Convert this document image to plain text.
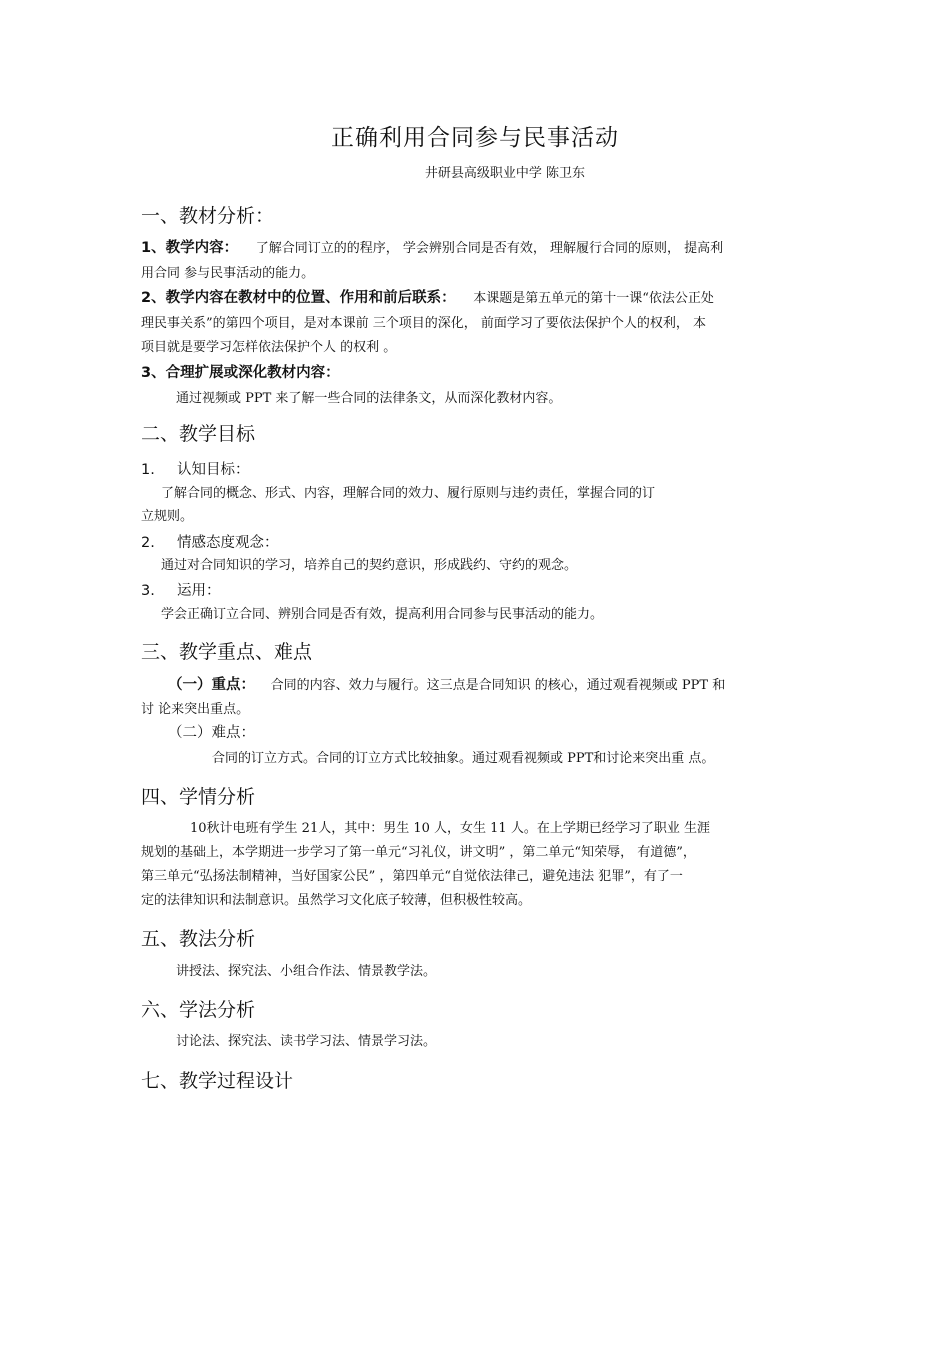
正确利用合同参与民事活动
井研县高级职业中学 陈卫东
一、教材分析：
1、教学内容： 了解合同订立的的程序， 学会辨别合同是否有效， 理解履行合同的原则， 提高利
用合同 参与民事活动的能力。
2、教学内容在教材中的位置、作用和前后联系： 本课题是第五单元的第十一课“依法公正处
理民事关系”的第四个项目，是对本课前 三个项目的深化， 前面学习了要依法保护个人的权利， 本
项目就是要学习怎样依法保护个人 的权利 。
3、合理扩展或深化教材内容：
通过视频或 PPT 来了解一些合同的法律条文，从而深化教材内容。
二、教学目标
1. 认知目标：
了解合同的概念、形式、内容，理解合同的效力、履行原则与违约责任，掌握合同的订
立规则。
2. 情感态度观念：
通过对合同知识的学习，培养自己的契约意识，形成践约、守约的观念。
3. 运用：
学会正确订立合同、辨别合同是否有效，提高利用合同参与民事活动的能力。
三、教学重点、难点
（一）重点： 合同的内容、效力与履行。这三点是合同知识 的核心，通过观看视频或 PPT 和
讨 论来突出重点。
（二）难点：
合同的订立方式。合同的订立方式比较抽象。通过观看视频或 PPT和讨论来突出重 点。
四、学情分析
10秋计电班有学生 21人，其中：男生 10 人，女生 11 人。在上学期已经学习了职业 生涯
规划的基础上，本学期进一步学习了第一单元“习礼仪，讲文明” ，第二单元“知荣辱， 有道德”，
第三单元“弘扬法制精神，当好国家公民” ，第四单元“自觉依法律己，避免违法 犯罪”，有了一
定的法律知识和法制意识。虽然学习文化底子较薄，但积极性较高。
五、教法分析
讲授法、探究法、小组合作法、情景教学法。
六、学法分析
讨论法、探究法、读书学习法、情景学习法。
七、教学过程设计
